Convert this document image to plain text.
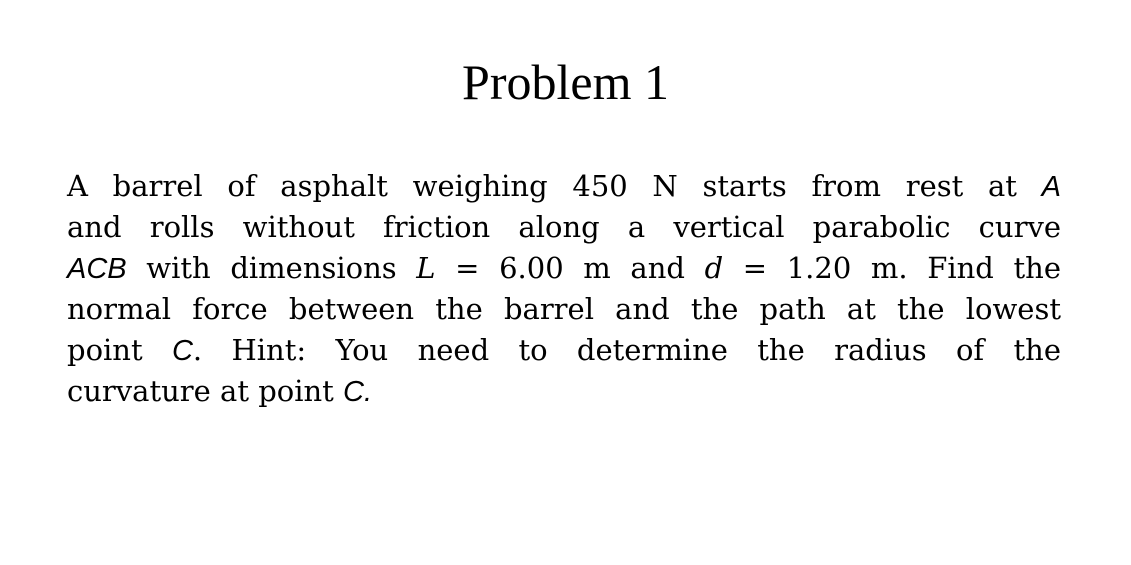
Problem 1
A barrel of asphalt weighing 450 N starts from rest at A
and rolls without friction along a vertical parabolic curve
ACB with dimensions L = 6.00 m and d = 1.20 m. Find the
normal force between the barrel and the path at the lowest
point C. Hint: You need to determine the radius of the
curvature at point C.
